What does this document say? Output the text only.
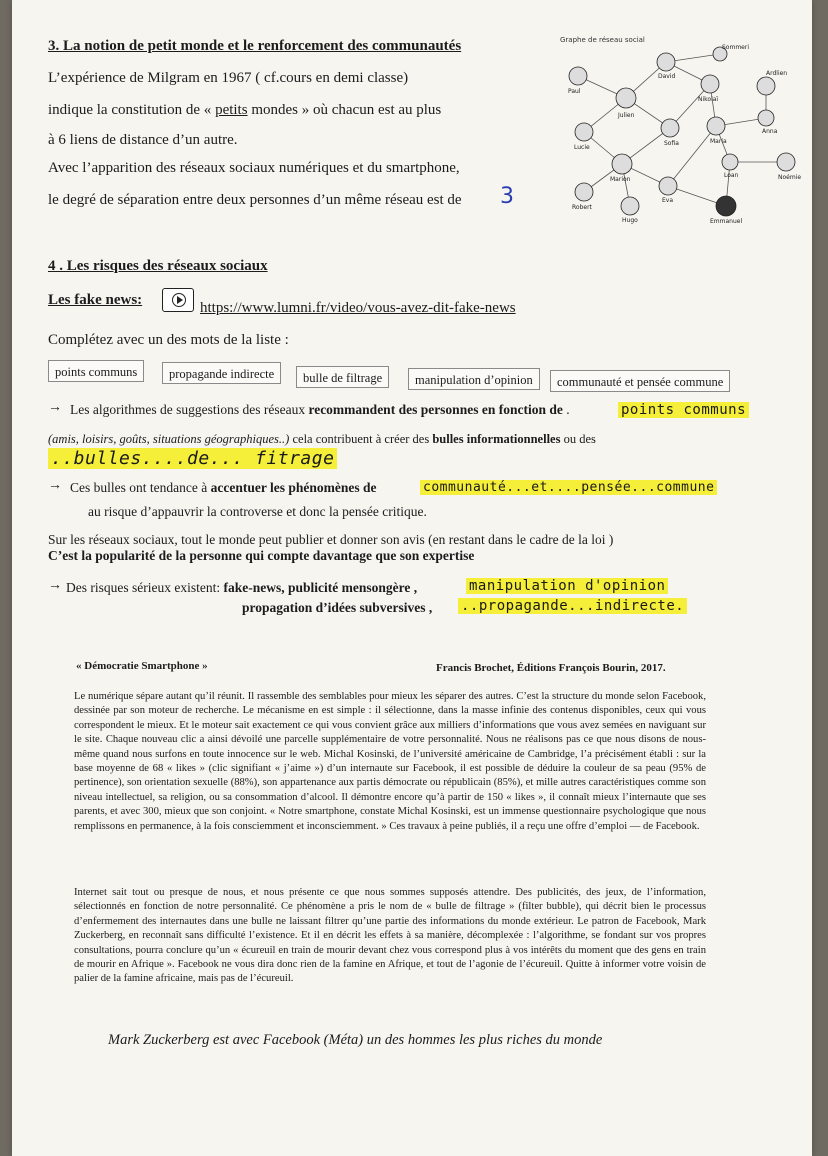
3. La notion de petit monde et le renforcement des communautés
L’expérience de Milgram en 1967 ( cf.cours en demi classe)
indique la constitution de « petits mondes » où chacun est au plus
à 6 liens de distance d’un autre.
Avec l’apparition des réseaux sociaux numériques et du smartphone,
le degré de séparation entre deux personnes d’un même réseau est de 3
Graphe de réseau social
Paul
Julien
David
Sommeri
Ardlien
Nikolaï
Sofia	Maria
Anna
Lucie
Marion
Eva
Loan	Noémie
Robert
Hugo	Emmanuel
4 . Les risques des réseaux sociaux
Les fake news:	https://www.lumni.fr/video/vous-avez-dit-fake-news
Complétez avec un des mots de la liste :
points communs	propagande indirecte	bulle de filtrage	manipulation d’opinion	communauté et pensée commune
→ Les algorithmes de suggestions des réseaux recommandent des personnes en fonction de .	points communs
(amis, loisirs, goûts, situations géographiques..) cela contribuent à créer des bulles informationnelles ou des
..bulles....de... fitrage
→ Ces bulles ont tendance à accentuer les phénomènes de	communauté...et....pensée...commune
au risque d’appauvrir la controverse et donc la pensée critique.
Sur les réseaux sociaux, tout le monde peut publier et donner son avis (en restant dans le cadre de la loi )
C’est la popularité de la personne qui compte davantage que son expertise
→ Des risques sérieux existent: fake-news, publicité mensongère ,	manipulation d'opinion
propagation d’idées subversives , ..propagande...indirecte.
« Démocratie Smartphone »	Francis Brochet, Éditions François Bourin, 2017.
Le numérique sépare autant qu’il réunit. Il rassemble des semblables pour mieux les séparer des autres. C’est la structure du monde selon Facebook, dessinée par son moteur de recherche. Le mécanisme en est simple : il sélectionne, dans la masse infinie des contenus disponibles, ceux qui vous correspondent le mieux. Et le moteur sait exactement ce qui vous convient grâce aux milliers d’informations que vous avez semées en naviguant sur le site. Chaque nouveau clic a ainsi dévoilé une parcelle supplémentaire de votre personnalité. Nous ne réalisons pas ce que nous disons de nous-même quand nous surfons en toute innocence sur le web. Michal Kosinski, de l’université américaine de Cambridge, l’a précisément établi : sur la base moyenne de 68 « likes » (clic signifiant « j’aime ») d’un internaute sur Facebook, il est possible de déduire la couleur de sa peau (95% de pertinence), son orientation sexuelle (88%), son appartenance aux partis démocrate ou républicain (85%), et mille autres caractéristiques comme son niveau intellectuel, sa religion, ou sa consommation d’alcool. Il démontre encore qu’à partir de 150 « likes », il connaît mieux l’internaute que ses parents, et avec 300, mieux que son conjoint. « Notre smartphone, constate Michal Kosinski, est un immense questionnaire psychologique que nous remplissons en permanence, à la fois consciemment et inconsciemment. » Ces travaux à peine publiés, il a reçu une offre d’emploi — de Facebook.
Internet sait tout ou presque de nous, et nous présente ce que nous sommes supposés attendre. Des publicités, des jeux, de l’information, sélectionnés en fonction de notre personnalité. Ce phénomène a pris le nom de « bulle de filtrage » (filter bubble), qui décrit bien le processus d’enfermement des internautes dans une bulle ne laissant filtrer qu’une partie des informations du monde extérieur. Le patron de Facebook, Mark Zuckerberg, en reconnaît sans difficulté l’existence. Et il en décrit les effets à sa manière, décomplexée : l’algorithme, se fondant sur vos propres consultations, pourra conclure qu’un « écureuil en train de mourir devant chez vous correspond plus à vos intérêts du moment que des gens en train de mourir en Afrique ». Facebook ne vous dira donc rien de la famine en Afrique, et tout de l’agonie de l’écureuil. Quitte à informer votre voisin de palier de la famine africaine, mais pas de l’écureuil.
Mark Zuckerberg est avec Facebook (Méta) un des hommes les plus riches du monde
